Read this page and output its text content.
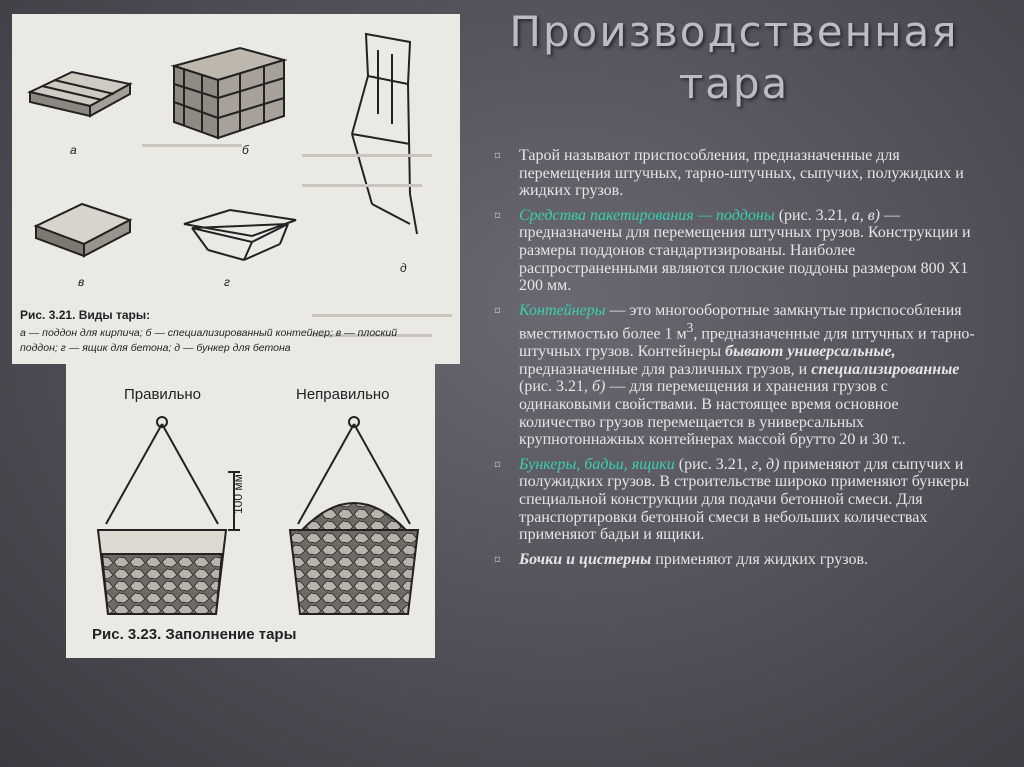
Производственная
тара
а	б
в	г
д
Рис. 3.21. Виды тары:
а — поддон для кирпича; б — специализированный контейнер; в — плоский
поддон; г — ящик для бетона; д — бункер для бетона
Правильно	Неправильно
100 мм
Рис. 3.23. Заполнение тары
▫ Тарой называют приспособления, предназначенные для перемещения штучных, тарно-штучных, сыпучих, полужидких и жидких грузов.
▫ Средства пакетирования — поддоны (рис. 3.21, а, в) — предназначены для перемещения штучных грузов. Конструкции и размеры поддонов стандартизированы. Наиболее распространенными являются плоские поддоны размером 800 Х1 200 мм.
▫ Контейнеры — это многооборотные замкнутые приспособления вместимостью более 1 $м^3$, предназначенные для штучных и тарно-штучных грузов. Контейнеры бывают универсальные, предназначенные для различных грузов, и специализированные (рис. 3.21, б) — для перемещения и хранения грузов с одинаковыми свойствами. В настоящее время основное количество грузов перемещается в универсальных крупнотоннажных контейнерах массой брутто 20 и 30 т..
▫ Бункеры, бадьи, ящики (рис. 3.21, г, д) применяют для сыпучих и полужидких грузов. В строительстве широко применяют бункеры специальной конструкции для подачи бетонной смеси. Для транспортировки бетонной смеси в небольших количествах применяют бадьи и ящики.
▫ Бочки и цистерны применяют для жидких грузов.
